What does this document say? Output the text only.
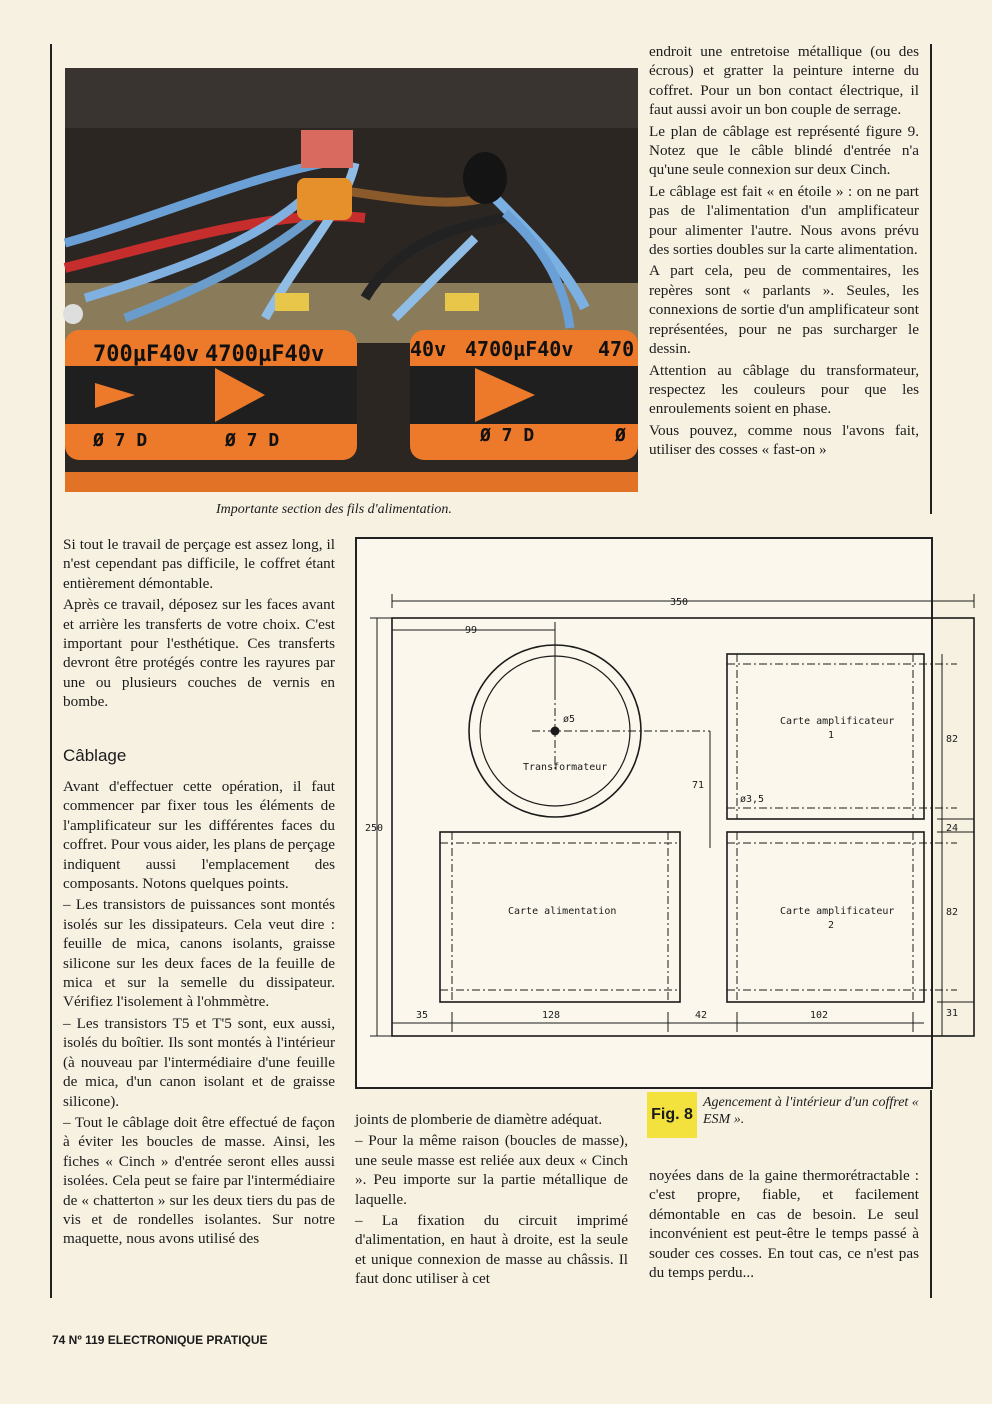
700µF40v 4700µF40v	40v 4700µF40v 470
Ø 7 D	Ø 7 D	Ø 7 D	Ø
Importante section des fils d'alimentation.

endroit une entretoise métallique (ou des écrous) et gratter la peinture interne du coffret. Pour un bon contact électrique, il faut aussi avoir un bon couple de serrage.

Le plan de câblage est représenté figure 9. Notez que le câble blindé d'entrée n'a qu'une seule connexion sur deux Cinch.

Le câblage est fait « en étoile » : on ne part pas de l'alimentation d'un amplificateur pour alimenter l'autre. Nous avons prévu des sorties doubles sur la carte alimentation.

A part cela, peu de commentaires, les repères sont « parlants ». Seules, les connexions de sortie d'un amplificateur sont représentées, pour ne pas surcharger le dessin.

Attention au câblage du transformateur, respectez les couleurs pour que les enroulements soient en phase.

Vous pouvez, comme nous l'avons fait, utiliser des cosses « fast-on »

Si tout le travail de perçage est assez long, il n'est cependant pas difficile, le coffret étant entièrement démontable.

Après ce travail, déposez sur les faces avant et arrière les transferts de votre choix. C'est important pour l'esthétique. Ces transferts devront être protégés contre les rayures par une ou plusieurs couches de vernis en bombe.

Câblage

Avant d'effectuer cette opération, il faut commencer par fixer tous les éléments de l'amplificateur sur les différentes faces du coffret. Pour vous aider, les plans de perçage indiquent aussi l'emplacement des composants. Notons quelques points.

– Les transistors de puissances sont montés isolés sur les dissipateurs. Cela veut dire : feuille de mica, canons isolants, graisse silicone sur les deux faces de la feuille de mica et sur la semelle du dissipateur. Vérifiez l'isolement à l'ohmmètre.

– Les transistors T5 et T'5 sont, eux aussi, isolés du boîtier. Ils sont montés à l'intérieur (à nouveau par l'intermédiaire d'une feuille de mica, d'un canon isolant et de graisse silicone).

– Tout le câblage doit être effectué de façon à éviter les boucles de masse. Ainsi, les fiches « Cinch » d'entrée seront elles aussi isolées. Cela peut se faire par l'intermédiaire de « chatterton » sur les deux tiers du pas de vis et de rondelles isolantes. Sur notre maquette, nous avons utilisé des

350
99
250
ø5
Transformateur
71
Carte amplificateur
1
ø3,5
Carte amplificateur
2
Carte alimentation
82
24
82
31
35	128	42	102
Fig. 8
Agencement à l'intérieur d'un coffret « ESM ».

joints de plomberie de diamètre adéquat.

– Pour la même raison (boucles de masse), une seule masse est reliée aux deux « Cinch ». Peu importe sur la partie métallique de laquelle.

– La fixation du circuit imprimé d'alimentation, en haut à droite, est la seule et unique connexion de masse au châssis. Il faut donc utiliser à cet

noyées dans de la gaine thermorétractable : c'est propre, fiable, et facilement démontable en cas de besoin. Le seul inconvénient est peut-être le temps passé à souder ces cosses. En tout cas, ce n'est pas du temps perdu...

74 Nº 119 ELECTRONIQUE PRATIQUE
